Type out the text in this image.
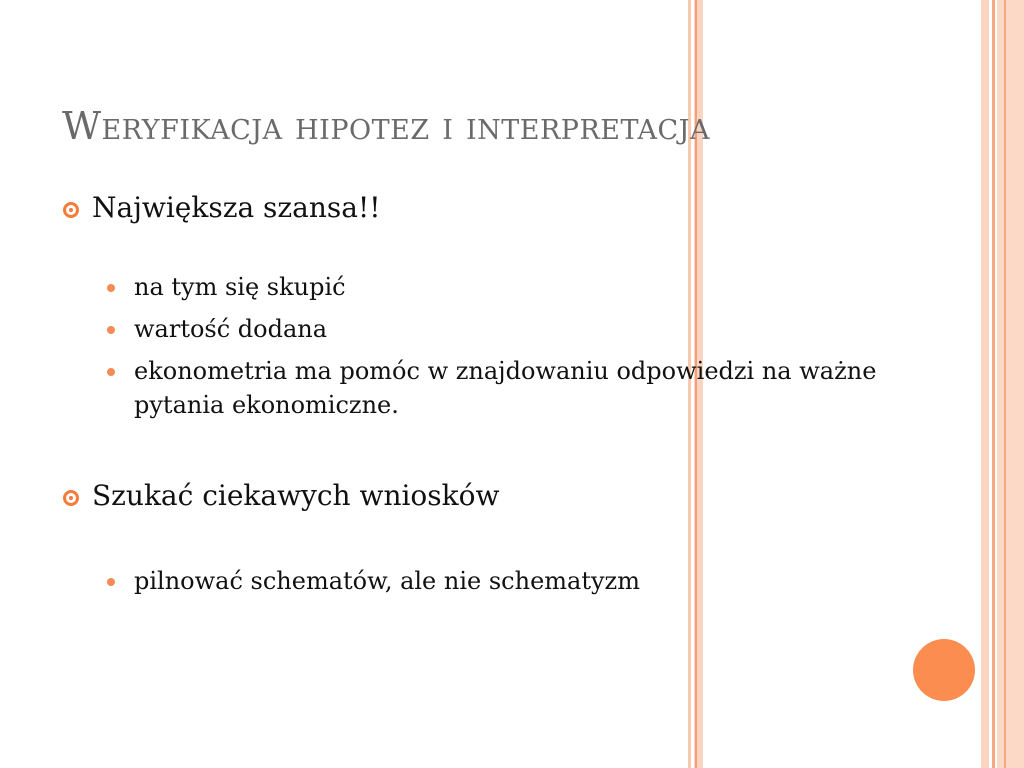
Weryfikacja hipotez i interpretacja
Największa szansa!!
na tym się skupić
wartość dodana
ekonometria ma pomóc w znajdowaniu odpowiedzi na ważne pytania ekonomiczne.
Szukać ciekawych wniosków
pilnować schematów, ale nie schematyzm
